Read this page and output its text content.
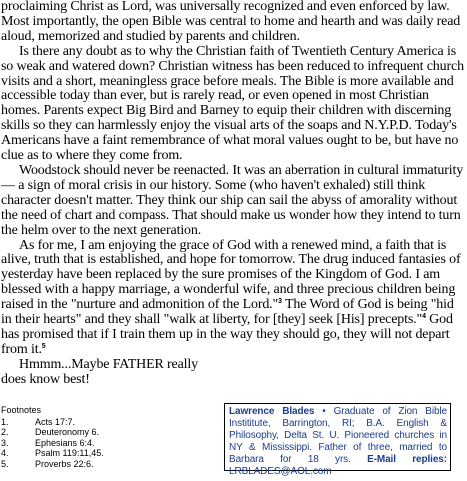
proclaiming Christ as Lord, was universally recognized and even enforced by law. Most importantly, the open Bible was central to home and hearth and was daily read aloud, memorized and studied by parents and children.

Is there any doubt as to why the Christian faith of Twentieth Century America is so weak and watered down? Christian witness has been reduced to infrequent church visits and a short, meaningless grace before meals. The Bible is more available and accessible today than ever, but is rarely read, or even opened in most Christian homes. Parents expect Big Bird and Barney to equip their children with discerning skills so they can harmlessly enjoy the visual arts of the soaps and N.Y.P.D. Today's Americans have a faint remembrance of what moral values ought to be, but have no clue as to where they come from.

Woodstock should never be reenacted. It was an aberration in cultural immaturity — a sign of moral crisis in our history. Some (who haven't exhaled) still think character doesn't matter. They think our ship can sail the abyss of amorality without the need of chart and compass. That should make us wonder how they intend to turn the helm over to the next generation.

As for me, I am enjoying the grace of God with a renewed mind, a faith that is alive, truth that is established, and hope for tomorrow. The drug induced fantasies of yesterday have been replaced by the sure promises of the Kingdom of God. I am blessed with a happy marriage, a wonderful wife, and three precious children being raised in the "nurture and admonition of the Lord."$^3$ The Word of God is being "hid in their hearts" and they shall "walk at liberty, for [they] seek [His] precepts."$^4$ God has promised that if I train them up in the way they should go, they will not depart from it.$^5$

Hmmm...Maybe FATHER really does know best!

Footnotes
1.	Acts 17:7.
2.	Deuteronomy 6.
3.	Ephesians 6:4.
4.	Psalm 119:11,45.
5.	Proverbs 22:6.
Lawrence Blades • Graduate of Zion Bible Instititute, Barrington, RI; B.A. English & Philosophy, Delta St. U. Pioneered churches in NY & Mississippi. Father of three, married to Barbara for 18 yrs. E-Mail replies: LRBLADES@AOL.com
